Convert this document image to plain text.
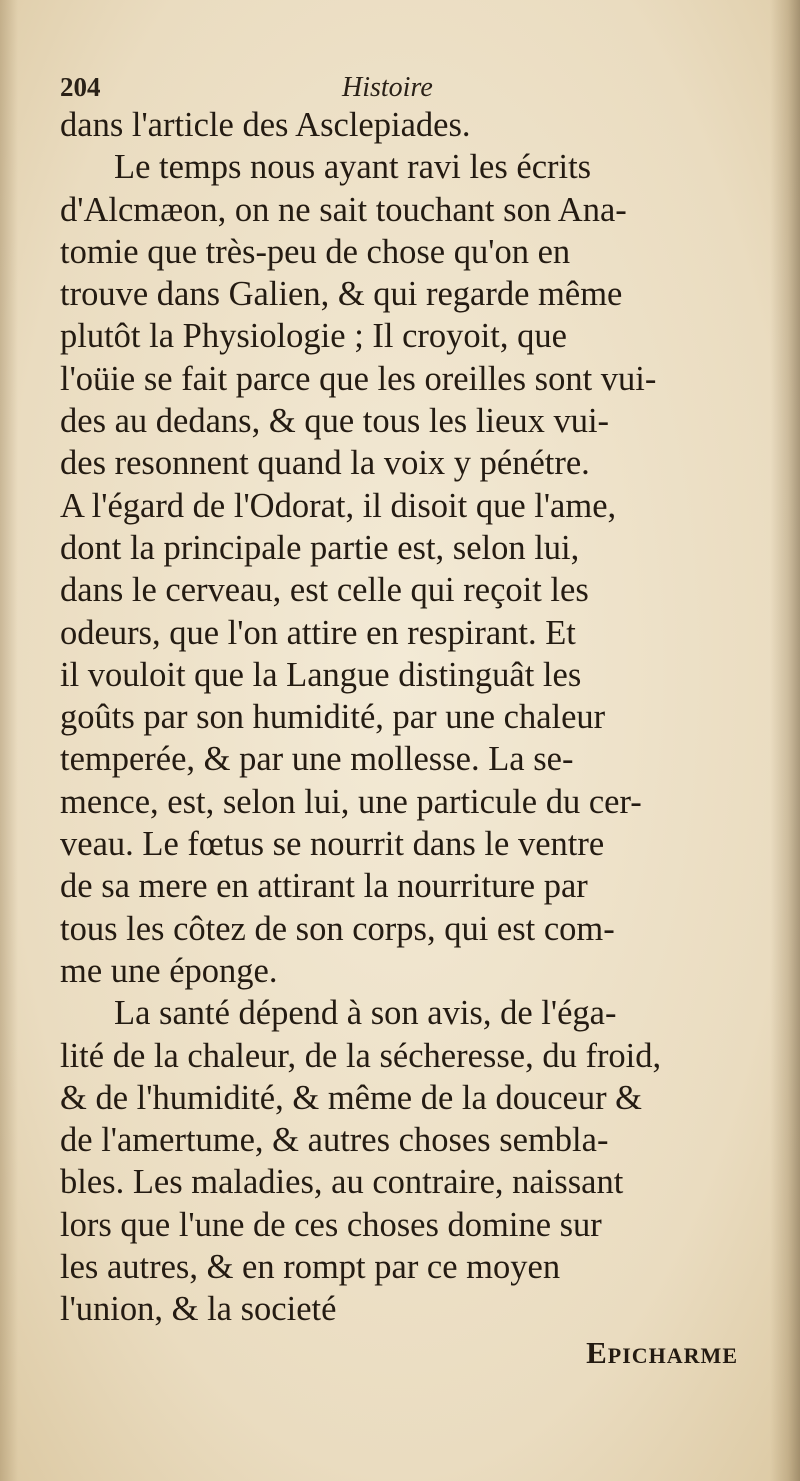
204	Histoire
dans l'article des Asclepiades.
Le temps nous ayant ravi les écrits
d'Alcmæon, on ne sait touchant son Ana-
tomie que très-peu de chose qu'on en
trouve dans Galien, & qui regarde même
plutôt la Physiologie ; Il croyoit, que
l'oüie se fait parce que les oreilles sont vui-
des au dedans, & que tous les lieux vui-
des resonnent quand la voix y pénétre.
A l'égard de l'Odorat, il disoit que l'ame,
dont la principale partie est, selon lui,
dans le cerveau, est celle qui reçoit les
odeurs, que l'on attire en respirant. Et
il vouloit que la Langue distinguât les
goûts par son humidité, par une chaleur
temperée, & par une mollesse. La se-
mence, est, selon lui, une particule du cer-
veau. Le fœtus se nourrit dans le ventre
de sa mere en attirant la nourriture par
tous les côtez de son corps, qui est com-
me une éponge.
La santé dépend à son avis, de l'éga-
lité de la chaleur, de la sécheresse, du froid,
& de l'humidité, & même de la douceur &
de l'amertume, & autres choses sembla-
bles. Les maladies, au contraire, naissant
lors que l'une de ces choses domine sur
les autres, & en rompt par ce moyen
l'union, & la societé
Epicharme
